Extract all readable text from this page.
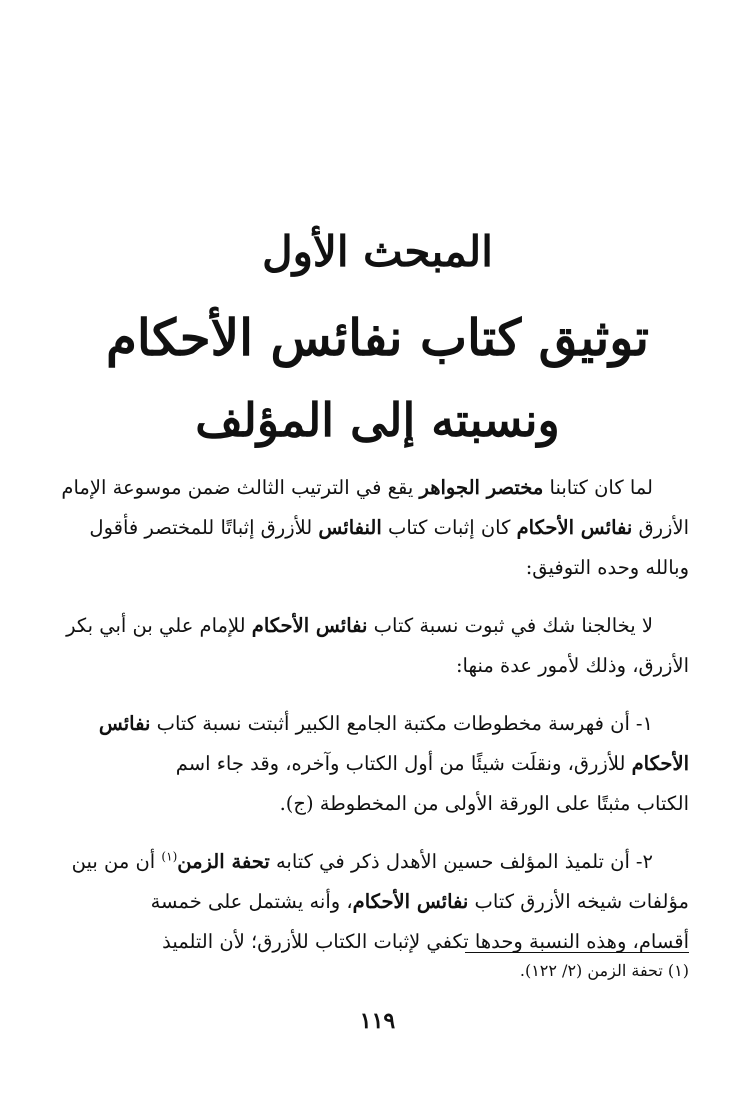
المبحث الأول
توثيق كتاب نفائس الأحكام
ونسبته إلى المؤلف
لما كان كتابنا مختصر الجواهر يقع في الترتيب الثالث ضمن موسوعة الإمام
الأزرق نفائس الأحكام كان إثبات كتاب النفائس للأزرق إثباتًا للمختصر فأقول
وبالله وحده التوفيق:
لا يخالجنا شك في ثبوت نسبة كتاب نفائس الأحكام للإمام علي بن أبي بكر
الأزرق، وذلك لأمور عدة منها:
١-أن فهرسة مخطوطات مكتبة الجامع الكبير أثبتت نسبة كتاب نفائس
الأحكام للأزرق، ونقلَت شيئًا من أول الكتاب وآخره، وقد جاء اسم
الكتاب مثبتًا على الورقة الأولى من المخطوطة (ج).
٢-أن تلميذ المؤلف حسين الأهدل ذكر في كتابه تحفة الزمن$^{(١)}$ أن من بين
مؤلفات شيخه الأزرق كتاب نفائس الأحكام، وأنه يشتمل على خمسة
أقسام، وهذه النسبة وحدها تكفي لإثبات الكتاب للأزرق؛ لأن التلميذ
(١) تحفة الزمن (٢/ ١٢٢).
١١٩
